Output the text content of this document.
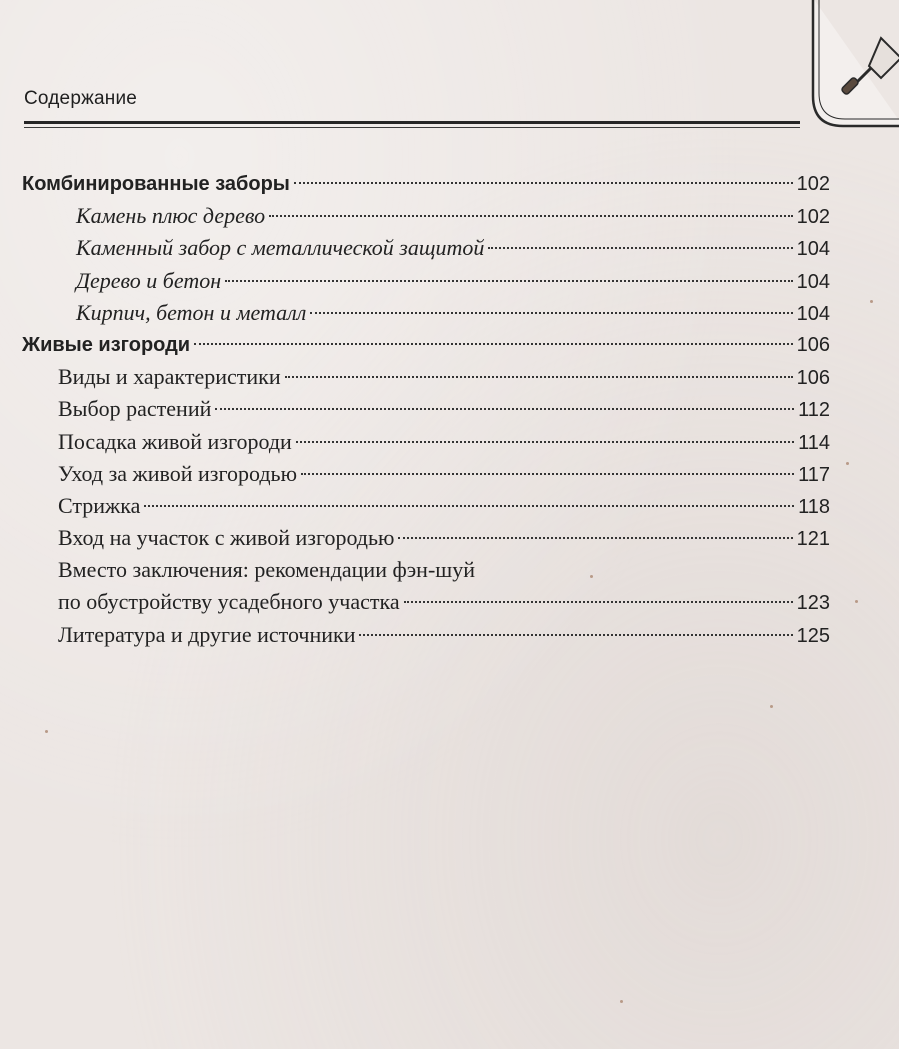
Содержание
Комбинированные заборы	102
Камень плюс дерево	102
Каменный забор с металлической защитой	104
Дерево и бетон	104
Кирпич, бетон и металл	104
Живые изгороди	106
Виды и характеристики	106
Выбор растений	112
Посадка живой изгороди	114
Уход за живой изгородью	117
Стрижка	118
Вход на участок с живой изгородью	121
Вместо заключения: рекомендации фэн-шуй
по обустройству усадебного участка	123
Литература и другие источники	125
